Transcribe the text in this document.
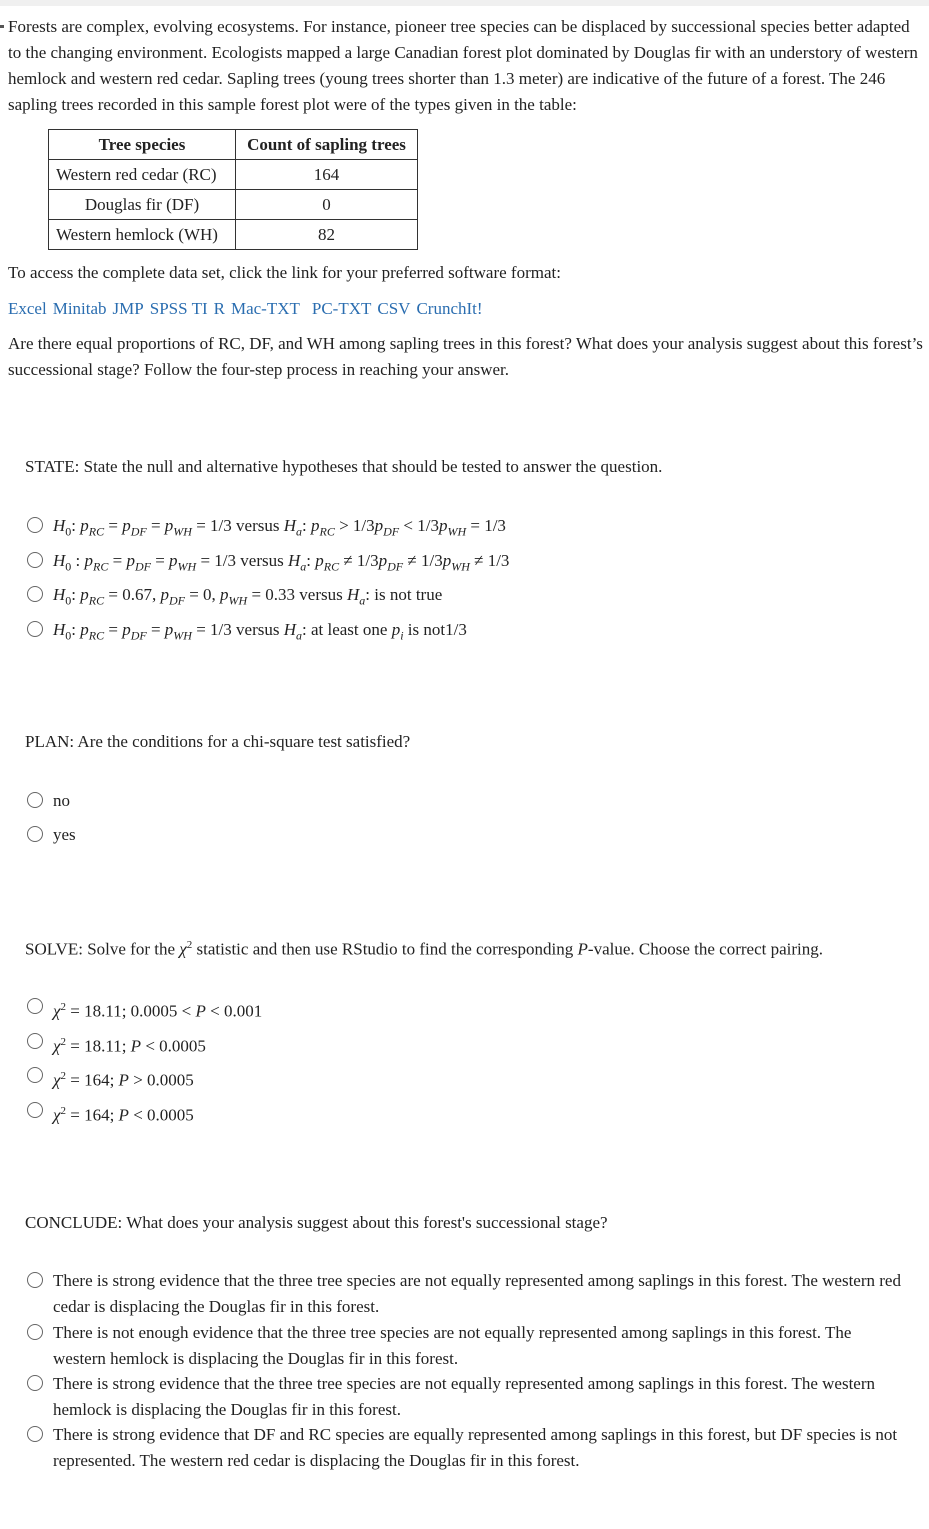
Forests are complex, evolving ecosystems. For instance, pioneer tree species can be displaced by successional species better adapted to the changing environment. Ecologists mapped a large Canadian forest plot dominated by Douglas fir with an understory of western hemlock and western red cedar. Sapling trees (young trees shorter than 1.3 meter) are indicative of the future of a forest. The 246 sapling trees recorded in this sample forest plot were of the types given in the table:
Tree species	Count of sapling trees
Western red cedar (RC)	164
Douglas fir (DF)	0
Western hemlock (WH)	82
To access the complete data set, click the link for your preferred software format:
Excel Minitab JMP SPSS TI R Mac-TXT PC-TXT CSV CrunchIt!
Are there equal proportions of RC, DF, and WH among sapling trees in this forest? What does your analysis suggest about this forest’s successional stage? Follow the four-step process in reaching your answer.
STATE: State the null and alternative hypotheses that should be tested to answer the question.
$H_0$: $p_{RC} = p_{DF} = p_{WH} = 1/3$ versus $H_a$: $p_{RC} > 1/3p_{DF} < 1/3p_{WH} = 1/3$
$H_0$ : $p_{RC} = p_{DF} = p_{WH} = 1/3$ versus $H_a$: $p_{RC} \ne 1/3p_{DF} \ne 1/3p_{WH} \ne 1/3$
$H_0$: $p_{RC} = 0.67$, $p_{DF} = 0$, $p_{WH} = 0.33$ versus $H_a$: is not true
$H_0$: $p_{RC} = p_{DF} = p_{WH} = 1/3$ versus $H_a$: at least one $p_i$ is not1/3
PLAN: Are the conditions for a chi-square test satisfied?
no
yes
SOLVE: Solve for the $\chi^2$ statistic and then use RStudio to find the corresponding P-value. Choose the correct pairing.
$\chi^2 = 18.11$; 0.0005 < P < 0.001
$\chi^2 = 18.11$; P < 0.0005
$\chi^2 = 164$; P > 0.0005
$\chi^2 = 164$; P < 0.0005
CONCLUDE: What does your analysis suggest about this forest's successional stage?
There is strong evidence that the three tree species are not equally represented among saplings in this forest. The western red cedar is displacing the Douglas fir in this forest.
There is not enough evidence that the three tree species are not equally represented among saplings in this forest. The western hemlock is displacing the Douglas fir in this forest.
There is strong evidence that the three tree species are not equally represented among saplings in this forest. The western hemlock is displacing the Douglas fir in this forest.
There is strong evidence that DF and RC species are equally represented among saplings in this forest, but DF species is not represented. The western red cedar is displacing the Douglas fir in this forest.
